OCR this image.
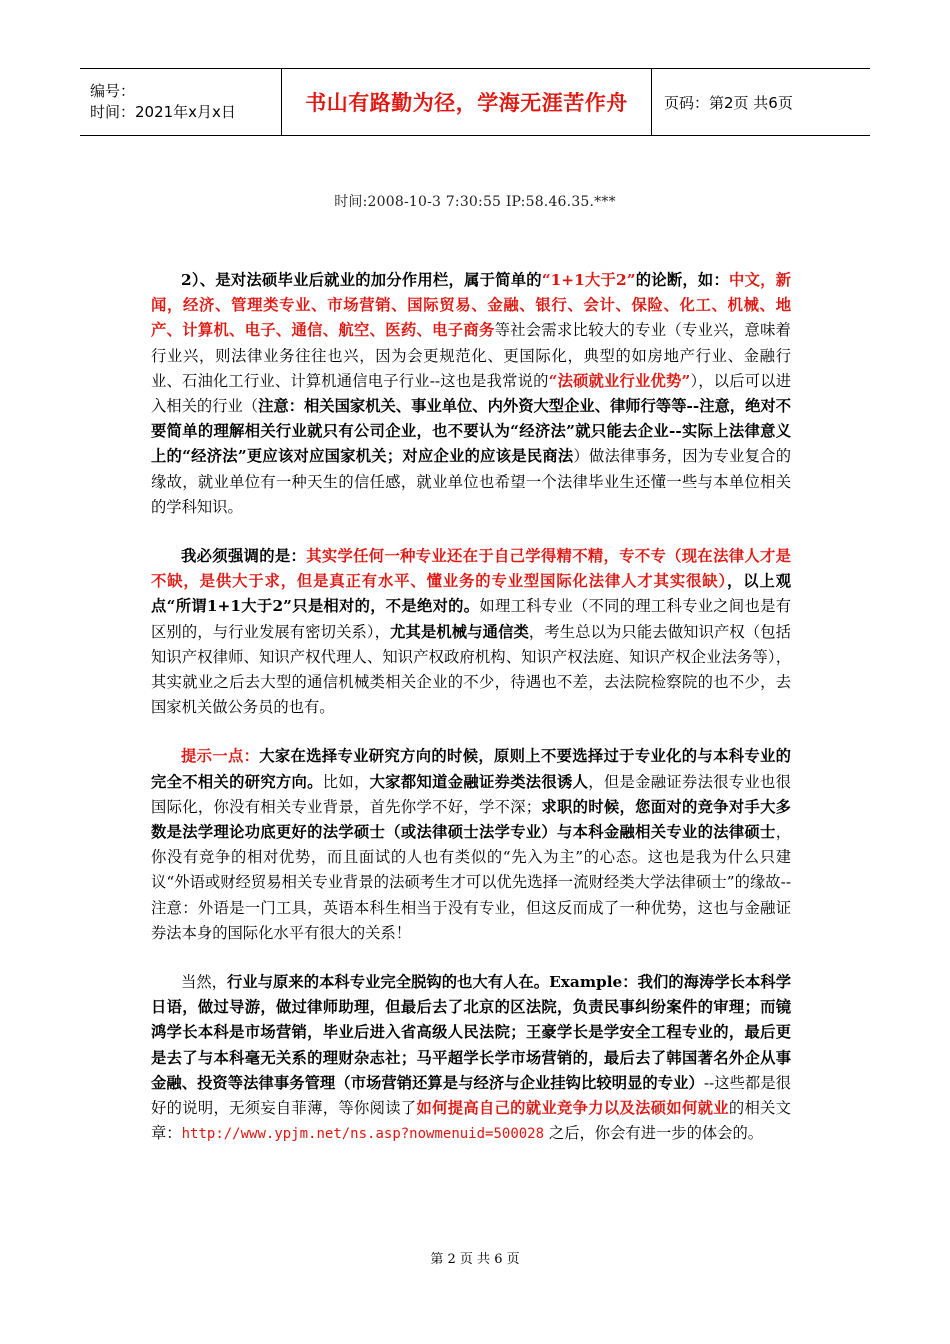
编号：
时间：2021年x月x日	书山有路勤为径，学海无涯苦作舟	页码：第2页 共6页
时间:2008-10-3 7:30:55 IP:58.46.35.***

2）、是对法硕毕业后就业的加分作用栏，属于简单的“1+1大于2”的论断，如：中文，新闻，经济、管理类专业、市场营销、国际贸易、金融、银行、会计、保险、化工、机械、地产、计算机、电子、通信、航空、医药、电子商务等社会需求比较大的专业（专业兴，意味着行业兴，则法律业务往往也兴，因为会更规范化、更国际化，典型的如房地产行业、金融行业、石油化工行业、计算机通信电子行业--这也是我常说的“法硕就业行业优势”），以后可以进入相关的行业（注意：相关国家机关、事业单位、内外资大型企业、律师行等等--注意，绝对不要简单的理解相关行业就只有公司企业，也不要认为“经济法”就只能去企业--实际上法律意义上的“经济法”更应该对应国家机关；对应企业的应该是民商法）做法律事务，因为专业复合的缘故，就业单位有一种天生的信任感，就业单位也希望一个法律毕业生还懂一些与本单位相关的学科知识。

我必须强调的是：其实学任何一种专业还在于自己学得精不精，专不专（现在法律人才是不缺，是供大于求，但是真正有水平、懂业务的专业型国际化法律人才其实很缺），以上观点“所谓1+1大于2”只是相对的，不是绝对的。如理工科专业（不同的理工科专业之间也是有区别的，与行业发展有密切关系），尤其是机械与通信类，考生总以为只能去做知识产权（包括知识产权律师、知识产权代理人、知识产权政府机构、知识产权法庭、知识产权企业法务等），其实就业之后去大型的通信机械类相关企业的不少，待遇也不差，去法院检察院的也不少，去国家机关做公务员的也有。

提示一点：大家在选择专业研究方向的时候，原则上不要选择过于专业化的与本科专业的完全不相关的研究方向。比如，大家都知道金融证券类法很诱人，但是金融证券法很专业也很国际化，你没有相关专业背景，首先你学不好，学不深；求职的时候，您面对的竞争对手大多数是法学理论功底更好的法学硕士（或法律硕士法学专业）与本科金融相关专业的法律硕士，你没有竞争的相对优势，而且面试的人也有类似的“先入为主”的心态。这也是我为什么只建议“外语或财经贸易相关专业背景的法硕考生才可以优先选择一流财经类大学法律硕士”的缘故--注意：外语是一门工具，英语本科生相当于没有专业，但这反而成了一种优势，这也与金融证券法本身的国际化水平有很大的关系！

当然，行业与原来的本科专业完全脱钩的也大有人在。Example：我们的海涛学长本科学日语，做过导游，做过律师助理，但最后去了北京的区法院，负责民事纠纷案件的审理；而镜鸿学长本科是市场营销，毕业后进入省高级人民法院；王豪学长是学安全工程专业的，最后更是去了与本科毫无关系的理财杂志社；马平超学长学市场营销的，最后去了韩国著名外企从事金融、投资等法律事务管理（市场营销还算是与经济与企业挂钩比较明显的专业）--这些都是很好的说明，无须妄自菲薄，等你阅读了如何提高自己的就业竞争力以及法硕如何就业的相关文章：http://www.ypjm.net/ns.asp?nowmenuid=500028 之后，你会有进一步的体会的。

第 2 页 共 6 页
